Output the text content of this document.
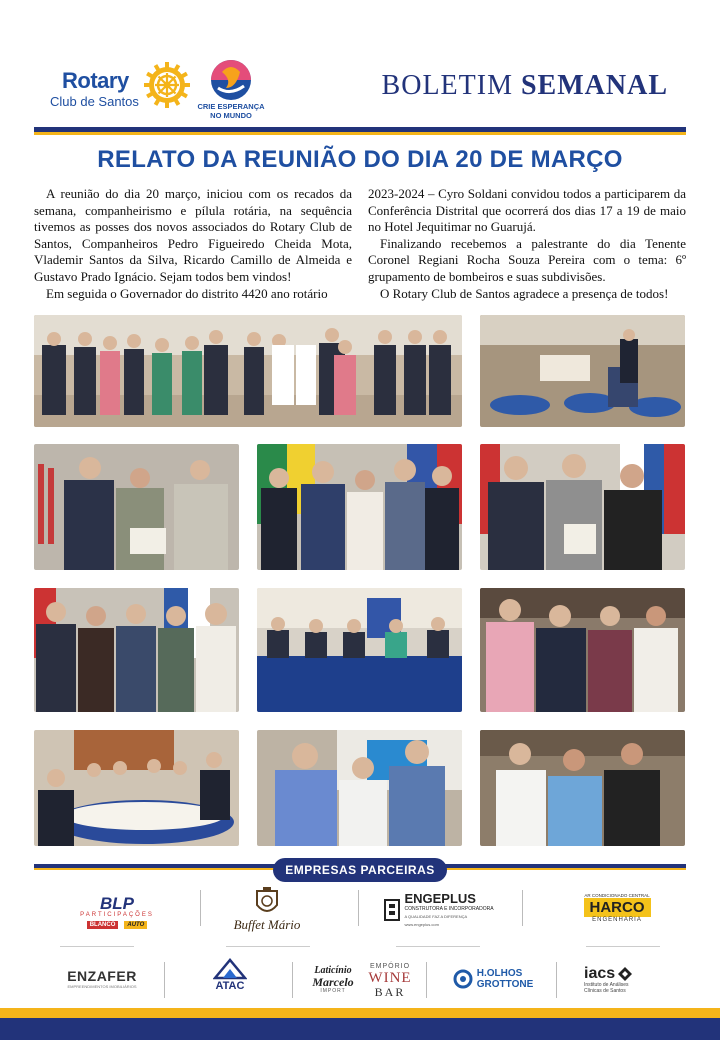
Rotary
Club de Santos	CRIE ESPERANÇA
NO MUNDO
BOLETIM SEMANAL
RELATO DA REUNIÃO DO DIA 20 DE MARÇO

A reunião do dia 20 março, iniciou com os recados da semana, companheirismo e pílula rotária, na sequência tivemos as posses dos novos associados do Rotary Club de Santos, Companheiros Pedro Figueiredo Cheida Mota, Vlademir Santos da Silva, Ricardo Camillo de Almeida e Gustavo Prado Ignácio. Sejam todos bem vindos!

Em seguida o Governador do distrito 4420 ano rotário

2023-2024 – Cyro Soldani convidou todos a participarem da Conferência Distrital que ocorrerá dos dias 17 a 19 de maio no Hotel Jequitimar no Guarujá.

Finalizando recebemos a palestrante do dia Tenente Coronel Regiani Rocha Souza Pereira com o tema: 6º grupamento de bombeiros e suas subdivisões.

O Rotary Club de Santos agradece a presença de todos!

EMPRESAS PARCEIRAS
BLP
PARTICIPAÇÕES
BLANCO	AUTO	Buffet Mário
ENGEPLUS
CONSTRUTORA E INCORPORADORA
A QUALIDADE FAZ A DIFERENÇA
www.engeplus.com
AR CONDICIONADO CENTRAL
HARCO
ENGENHARIA
ENZAFER
EMPREENDIMENTOS IMOBILIÁRIOS	ATAC
Laticínio
Marcelo
IMPORT
EMPÓRIO
WINE
BAR
H.OLHOS
GROTTONE
iacs
Instituto de Análises
Clínicas de Santos
